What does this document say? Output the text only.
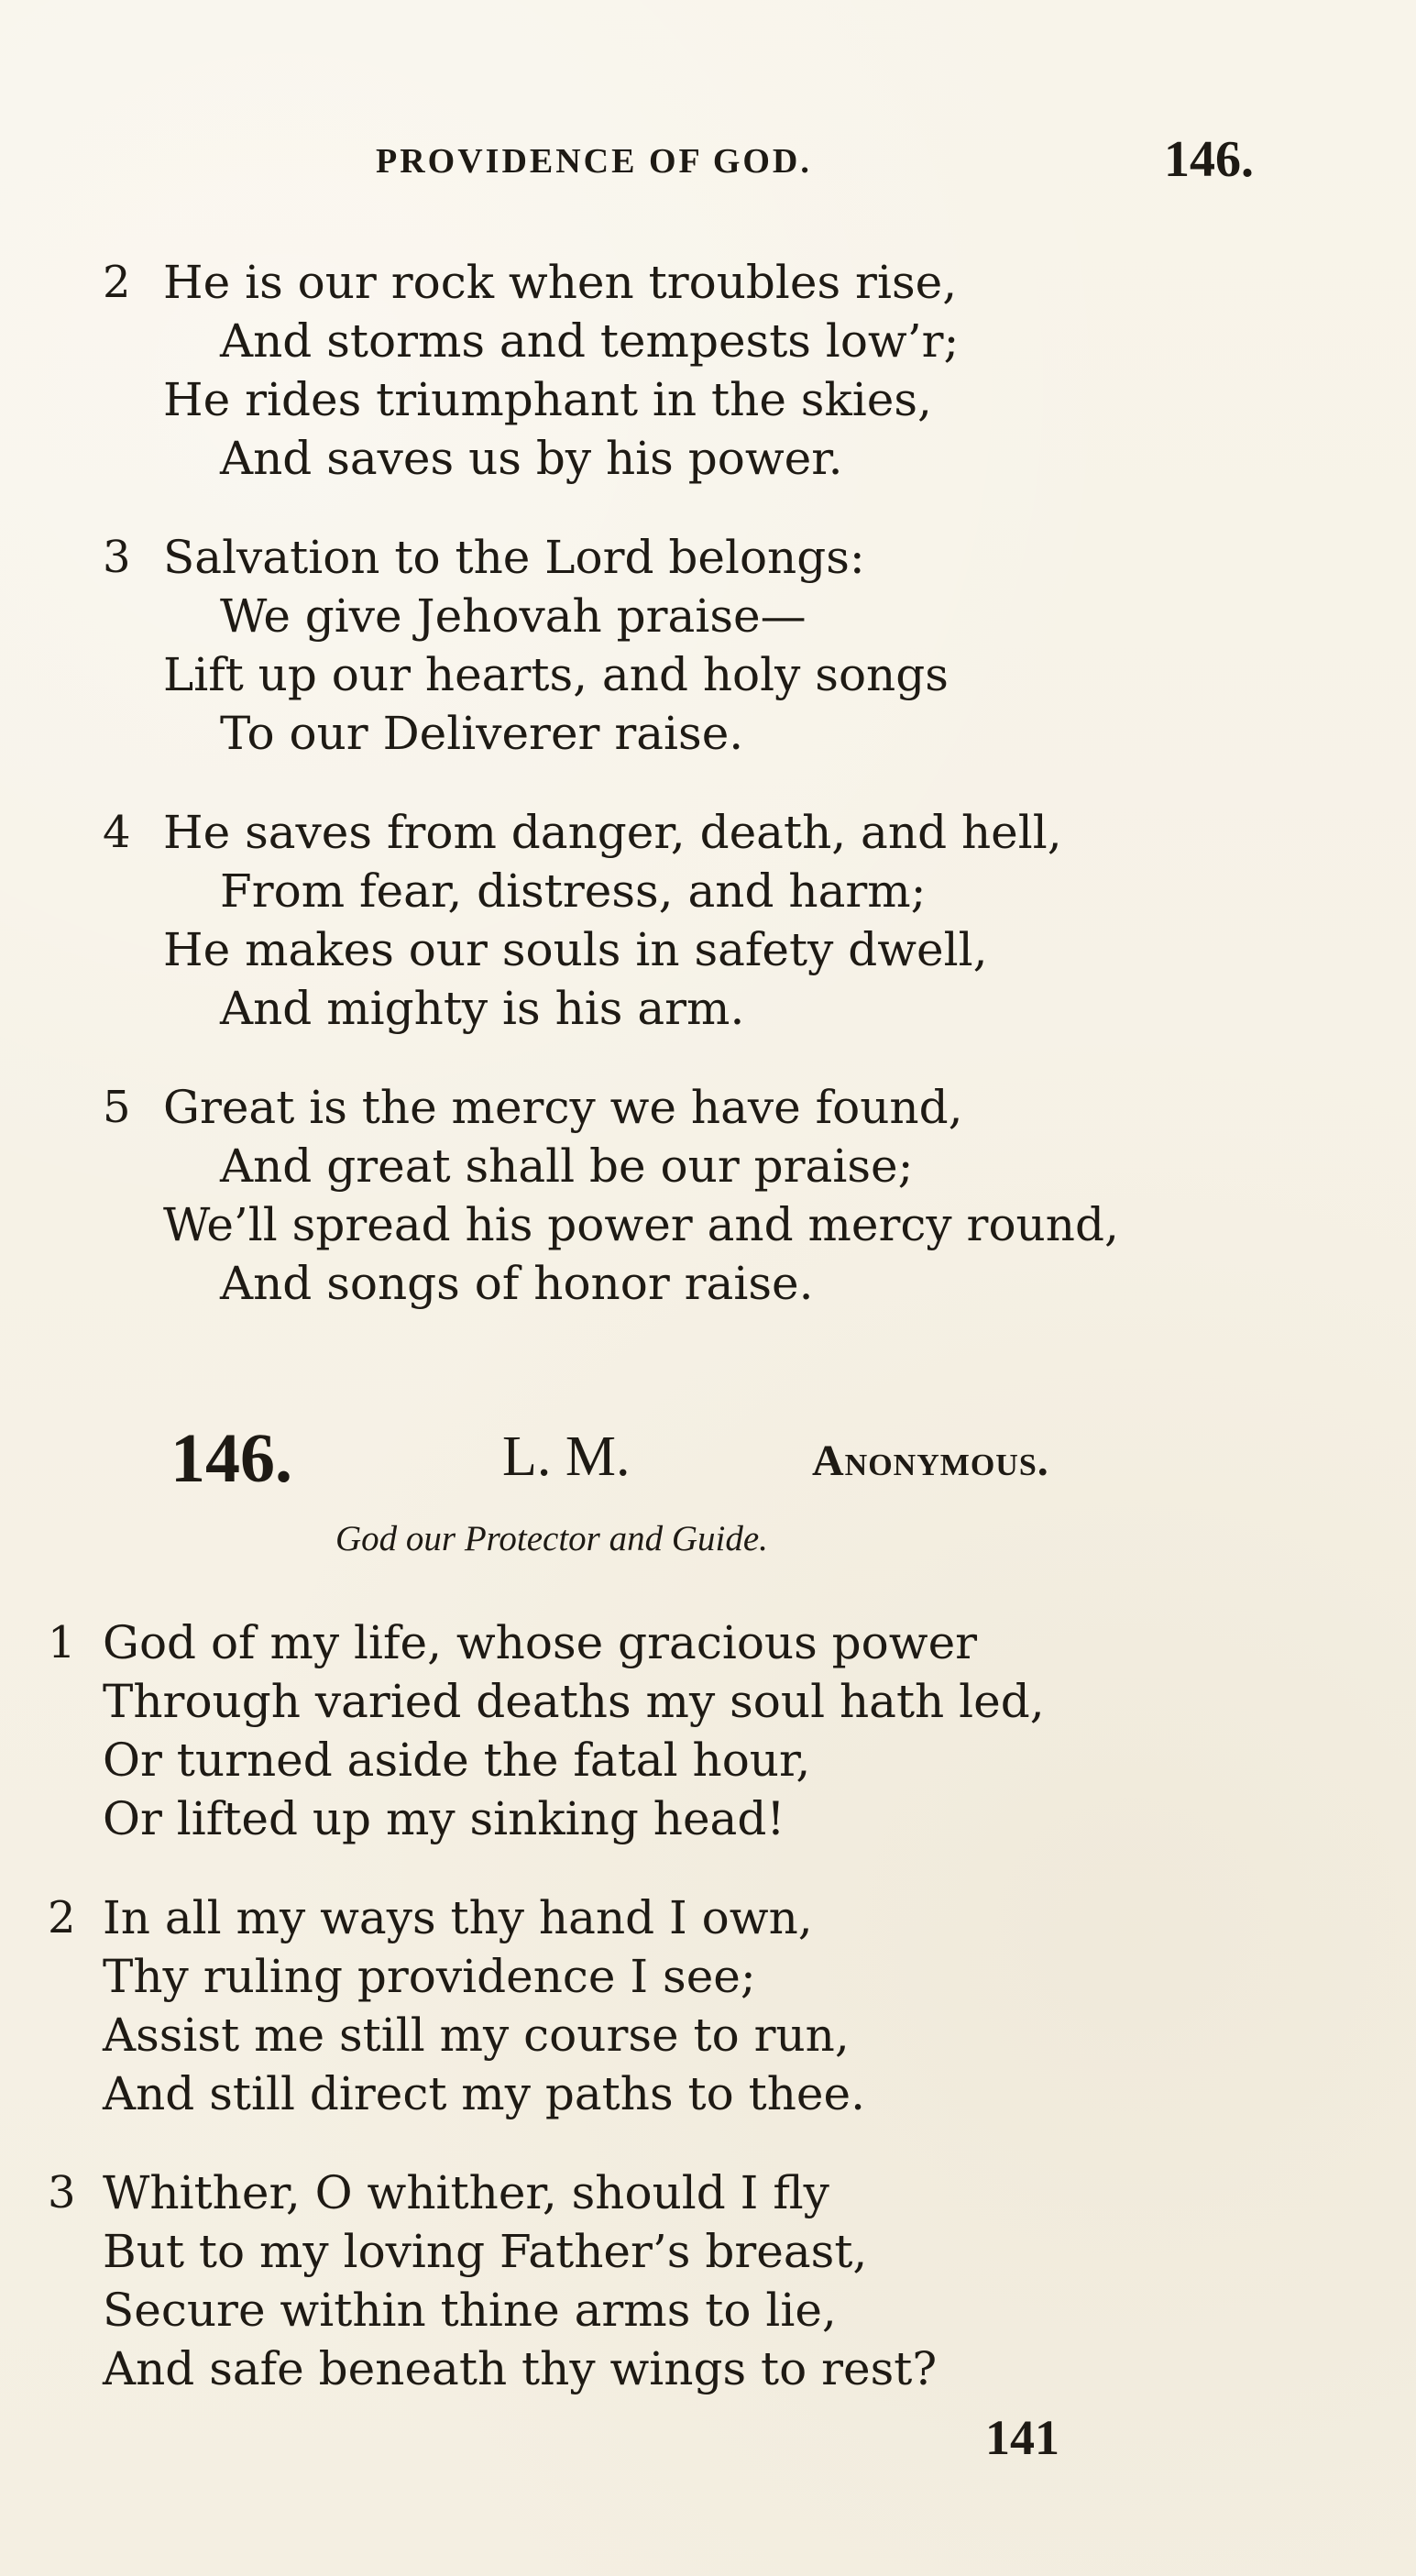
PROVIDENCE OF GOD.	146.
2 He is our rock when troubles rise,
And storms and tempests low’r;
He rides triumphant in the skies,
And saves us by his power.
3 Salvation to the Lord belongs:
We give Jehovah praise—
Lift up our hearts, and holy songs
To our Deliverer raise.
4 He saves from danger, death, and hell,
From fear, distress, and harm;
He makes our souls in safety dwell,
And mighty is his arm.
5 Great is the mercy we have found,
And great shall be our praise;
We’ll spread his power and mercy round,
And songs of honor raise.
146.	L. M.	Anonymous.
God our Protector and Guide.
1 God of my life, whose gracious power
Through varied deaths my soul hath led,
Or turned aside the fatal hour,
Or lifted up my sinking head!
2 In all my ways thy hand I own,
Thy ruling providence I see;
Assist me still my course to run,
And still direct my paths to thee.
3 Whither, O whither, should I fly
But to my loving Father’s breast,
Secure within thine arms to lie,
And safe beneath thy wings to rest?
141
